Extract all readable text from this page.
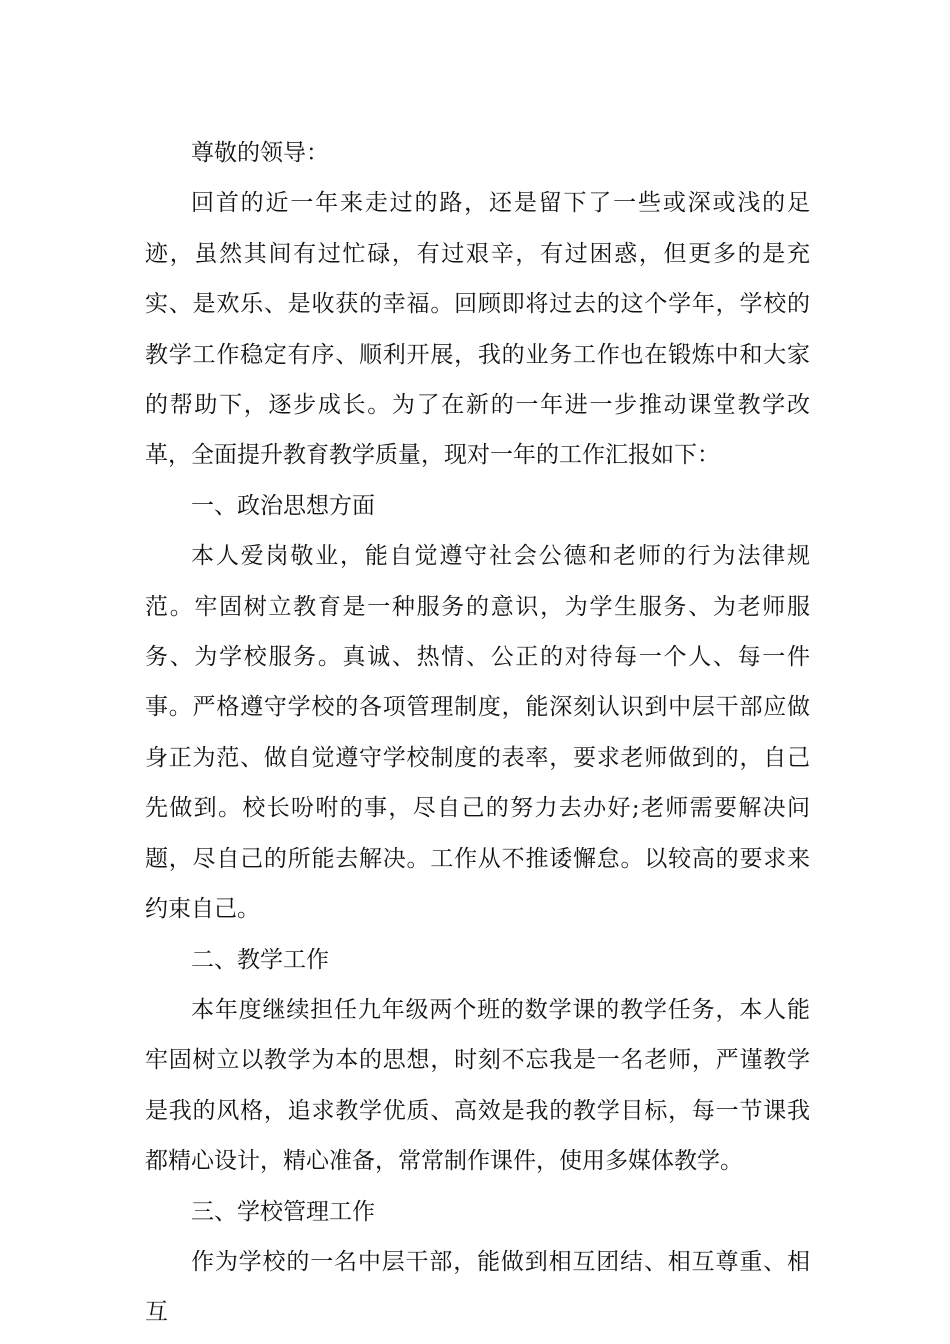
尊敬的领导：

回首的近一年来走过的路，还是留下了一些或深或浅的足迹，虽然其间有过忙碌，有过艰辛，有过困惑，但更多的是充实、是欢乐、是收获的幸福。回顾即将过去的这个学年，学校的教学工作稳定有序、顺利开展，我的业务工作也在锻炼中和大家的帮助下，逐步成长。为了在新的一年进一步推动课堂教学改革，全面提升教育教学质量，现对一年的工作汇报如下：

一、政治思想方面

本人爱岗敬业，能自觉遵守社会公德和老师的行为法律规范。牢固树立教育是一种服务的意识，为学生服务、为老师服务、为学校服务。真诚、热情、公正的对待每一个人、每一件事。严格遵守学校的各项管理制度，能深刻认识到中层干部应做身正为范、做自觉遵守学校制度的表率，要求老师做到的，自己先做到。校长吩咐的事，尽自己的努力去办好;老师需要解决问题，尽自己的所能去解决。工作从不推诿懈怠。以较高的要求来约束自己。

二、教学工作

本年度继续担任九年级两个班的数学课的教学任务，本人能牢固树立以教学为本的思想，时刻不忘我是一名老师，严谨教学是我的风格，追求教学优质、高效是我的教学目标，每一节课我都精心设计，精心准备，常常制作课件，使用多媒体教学。

三、学校管理工作

作为学校的一名中层干部，能做到相互团结、相互尊重、相互
